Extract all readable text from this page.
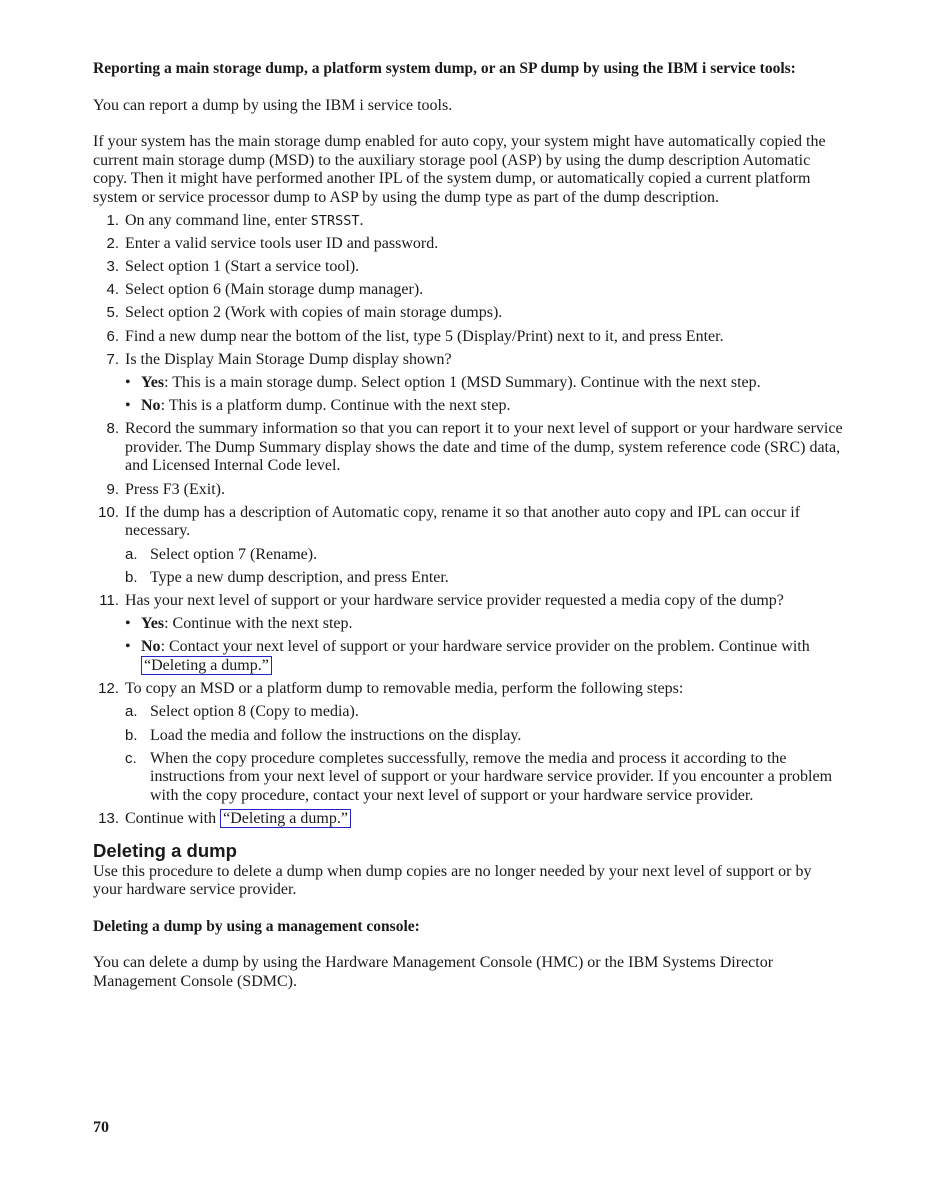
Reporting a main storage dump, a platform system dump, or an SP dump by using the IBM i service tools:

You can report a dump by using the IBM i service tools.

If your system has the main storage dump enabled for auto copy, your system might have automatically copied the current main storage dump (MSD) to the auxiliary storage pool (ASP) by using the dump description Automatic copy. Then it might have performed another IPL of the system dump, or automatically copied a current platform system or service processor dump to ASP by using the dump type as part of the dump description.

1. On any command line, enter STRSST.
2. Enter a valid service tools user ID and password.
3. Select option 1 (Start a service tool).
4. Select option 6 (Main storage dump manager).
5. Select option 2 (Work with copies of main storage dumps).
6. Find a new dump near the bottom of the list, type 5 (Display/Print) next to it, and press Enter.
7. Is the Display Main Storage Dump display shown?
• Yes: This is a main storage dump. Select option 1 (MSD Summary). Continue with the next step.
• No: This is a platform dump. Continue with the next step.
8. Record the summary information so that you can report it to your next level of support or your hardware service provider. The Dump Summary display shows the date and time of the dump, system reference code (SRC) data, and Licensed Internal Code level.
9. Press F3 (Exit).
10. If the dump has a description of Automatic copy, rename it so that another auto copy and IPL can occur if necessary.
a. Select option 7 (Rename).
b. Type a new dump description, and press Enter.
11. Has your next level of support or your hardware service provider requested a media copy of the dump?
• Yes: Continue with the next step.
• No: Contact your next level of support or your hardware service provider on the problem. Continue with “Deleting a dump.”
12. To copy an MSD or a platform dump to removable media, perform the following steps:
a. Select option 8 (Copy to media).
b. Load the media and follow the instructions on the display.
c. When the copy procedure completes successfully, remove the media and process it according to the instructions from your next level of support or your hardware service provider. If you encounter a problem with the copy procedure, contact your next level of support or your hardware service provider.
13. Continue with “Deleting a dump.”
Deleting a dump

Use this procedure to delete a dump when dump copies are no longer needed by your next level of support or by your hardware service provider.

Deleting a dump by using a management console:

You can delete a dump by using the Hardware Management Console (HMC) or the IBM Systems Director Management Console (SDMC).

70
